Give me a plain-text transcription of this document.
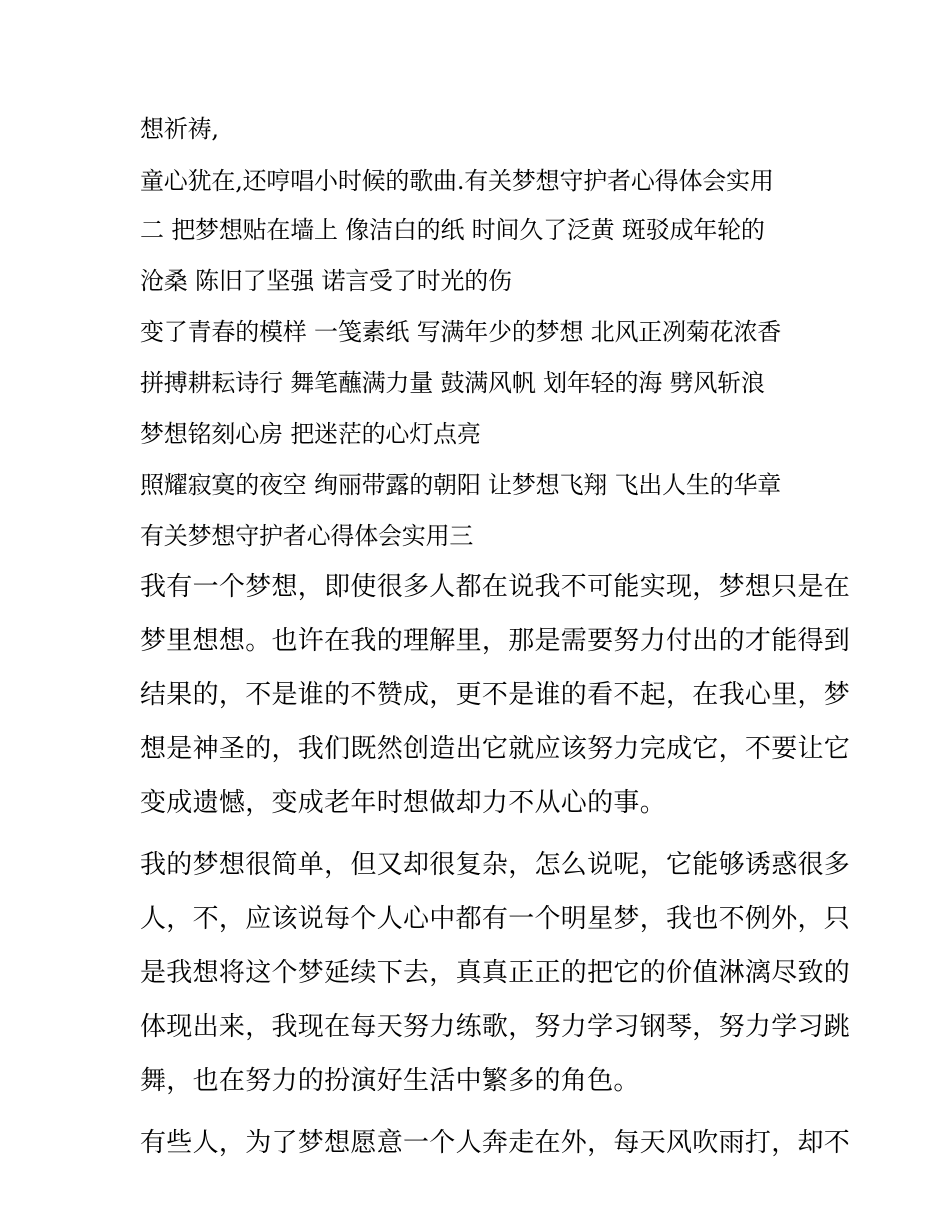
想祈祷,

童心犹在,还哼唱小时候的歌曲.有关梦想守护者心得体会实用

二 把梦想贴在墙上 像洁白的纸 时间久了泛黄 斑驳成年轮的

沧桑 陈旧了坚强 诺言受了时光的伤

变了青春的模样 一笺素纸 写满年少的梦想 北风正冽菊花浓香

拼搏耕耘诗行 舞笔蘸满力量 鼓满风帆 划年轻的海 劈风斩浪

梦想铭刻心房 把迷茫的心灯点亮

照耀寂寞的夜空 绚丽带露的朝阳 让梦想飞翔 飞出人生的华章

有关梦想守护者心得体会实用三

我有一个梦想，即使很多人都在说我不可能实现，梦想只是在

梦里想想。也许在我的理解里，那是需要努力付出的才能得到

结果的，不是谁的不赞成，更不是谁的看不起，在我心里，梦

想是神圣的，我们既然创造出它就应该努力完成它，不要让它

变成遗憾，变成老年时想做却力不从心的事。

我的梦想很简单，但又却很复杂，怎么说呢，它能够诱惑很多

人，不，应该说每个人心中都有一个明星梦，我也不例外，只

是我想将这个梦延续下去，真真正正的把它的价值淋漓尽致的

体现出来，我现在每天努力练歌，努力学习钢琴，努力学习跳

舞，也在努力的扮演好生活中繁多的角色。

有些人，为了梦想愿意一个人奔走在外，每天风吹雨打，却不
